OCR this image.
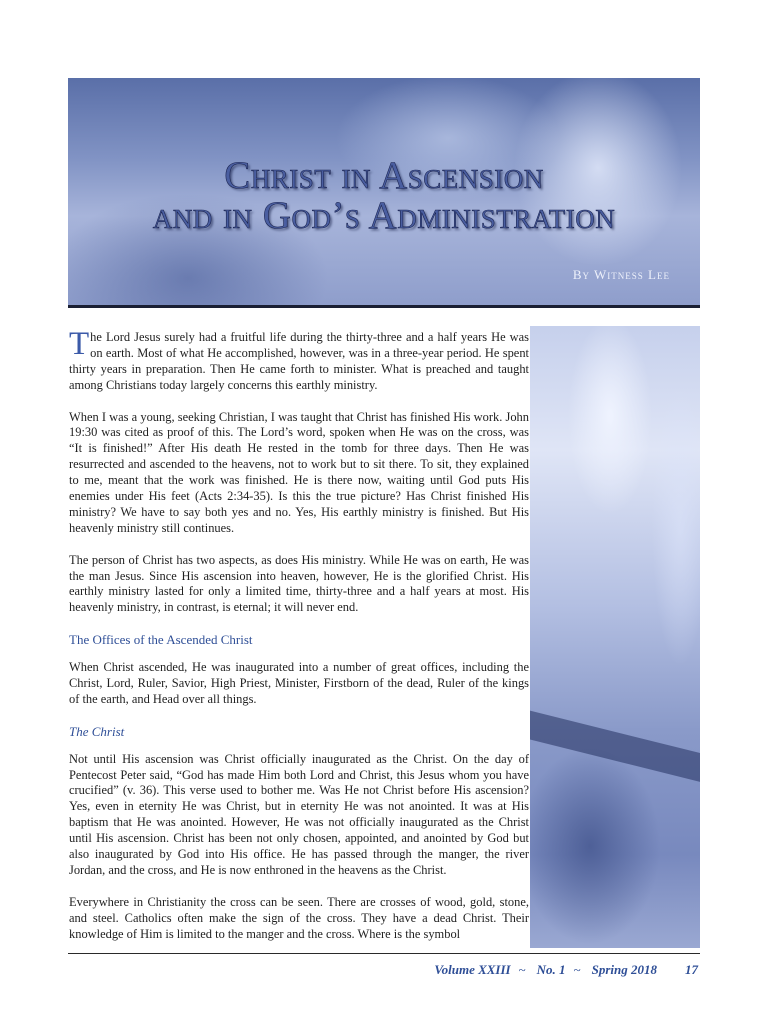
Christ in Ascension
and in God’s Administration
By Witness Lee

The Lord Jesus surely had a fruitful life during the thirty-three and a half years He was on earth. Most of what He accomplished, however, was in a three-year period. He spent thirty years in preparation. Then He came forth to minister. What is preached and taught among Christians today largely concerns this earthly ministry.

When I was a young, seeking Christian, I was taught that Christ has finished His work. John 19:30 was cited as proof of this. The Lord’s word, spoken when He was on the cross, was “It is finished!” After His death He rested in the tomb for three days. Then He was resurrected and ascended to the heavens, not to work but to sit there. To sit, they explained to me, meant that the work was finished. He is there now, waiting until God puts His enemies under His feet (Acts 2:34-35). Is this the true picture? Has Christ finished His ministry? We have to say both yes and no. Yes, His earthly ministry is finished. But His heavenly ministry still continues.

The person of Christ has two aspects, as does His ministry. While He was on earth, He was the man Jesus. Since His ascension into heaven, however, He is the glorified Christ. His earthly ministry lasted for only a limited time, thirty-three and a half years at most. His heavenly ministry, in contrast, is eternal; it will never end.

The Offices of the Ascended Christ

When Christ ascended, He was inaugurated into a number of great offices, including the Christ, Lord, Ruler, Savior, High Priest, Minister, Firstborn of the dead, Ruler of the kings of the earth, and Head over all things.

The Christ

Not until His ascension was Christ officially inaugurated as the Christ. On the day of Pentecost Peter said, “God has made Him both Lord and Christ, this Jesus whom you have crucified” (v. 36). This verse used to bother me. Was He not Christ before His ascension? Yes, even in eternity He was Christ, but in eternity He was not anointed. It was at His baptism that He was anointed. However, He was not officially inaugurated as the Christ until His ascension. Christ has been not only chosen, appointed, and anointed by God but also inaugurated by God into His office. He has passed through the manger, the river Jordan, and the cross, and He is now enthroned in the heavens as the Christ.

Everywhere in Christianity the cross can be seen. There are crosses of wood, gold, stone, and steel. Catholics often make the sign of the cross. They have a dead Christ. Their knowledge of Him is limited to the manger and the cross. Where is the symbol

Volume XXIII ~ No. 1 ~ Spring 2018 17
